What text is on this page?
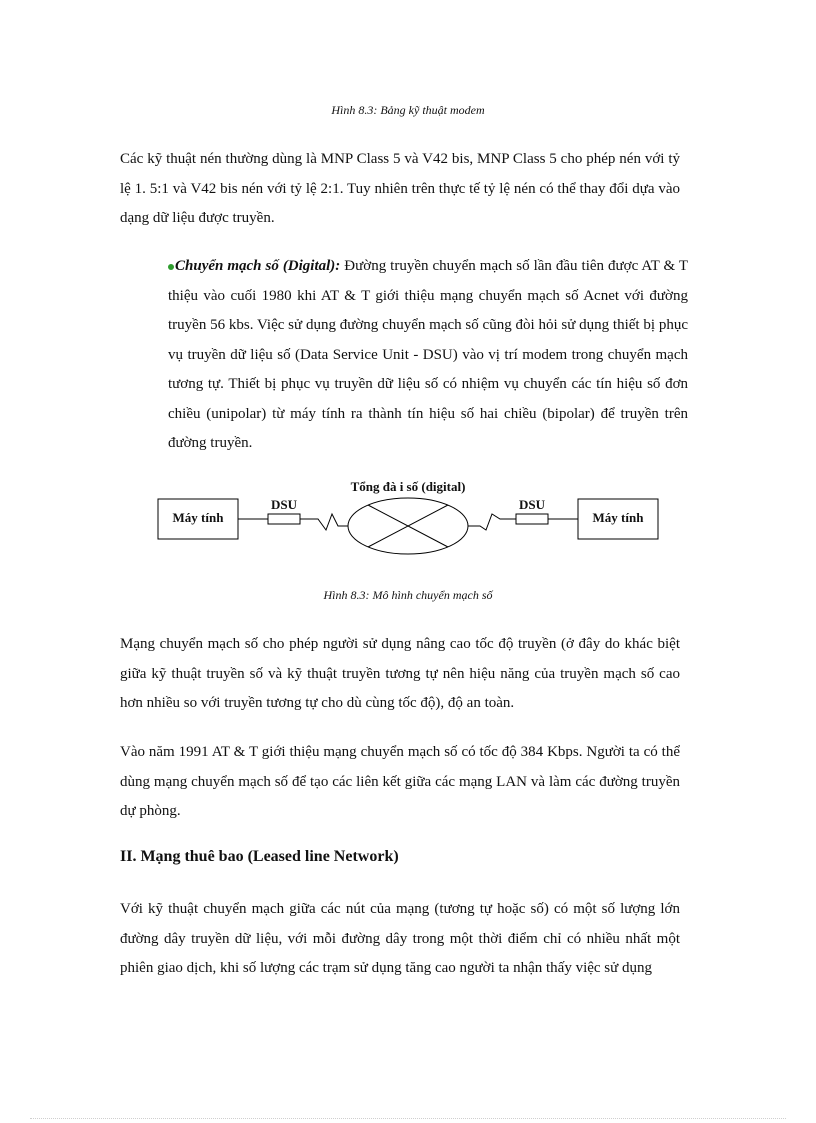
Hình 8.3: Bảng kỹ thuật modem

Các kỹ thuật nén thường dùng là MNP Class 5 và V42 bis, MNP Class 5 cho phép nén với tỷ lệ 1. 5:1 và V42 bis nén với tỷ lệ 2:1. Tuy nhiên trên thực tế tỷ lệ nén có thể thay đổi dựa vào dạng dữ liệu được truyền.

Chuyển mạch số (Digital): Đường truyền chuyển mạch số lần đầu tiên được AT & T thiệu vào cuối 1980 khi AT & T giới thiệu mạng chuyển mạch số Acnet với đường truyền 56 kbs. Việc sử dụng đường chuyển mạch số cũng đòi hỏi sử dụng thiết bị phục vụ truyền dữ liệu số (Data Service Unit - DSU) vào vị trí modem trong chuyển mạch tương tự. Thiết bị phục vụ truyền dữ liệu số có nhiệm vụ chuyển các tín hiệu số đơn chiều (unipolar) từ máy tính ra thành tín hiệu số hai chiều (bipolar) để truyền trên đường truyền.

Tổng đà i số (digital)
Máy tính	Máy tính
DSU	DSU
Hình 8.3: Mô hình chuyển mạch số

Mạng chuyển mạch số cho phép người sử dụng nâng cao tốc độ truyền (ở đây do khác biệt giữa kỹ thuật truyền số và kỹ thuật truyền tương tự nên hiệu năng của truyền mạch số cao hơn nhiều so với truyền tương tự cho dù cùng tốc độ), độ an toàn.

Vào năm 1991 AT & T giới thiệu mạng chuyển mạch số có tốc độ 384 Kbps. Người ta có thể dùng mạng chuyển mạch số để tạo các liên kết giữa các mạng LAN và làm các đường truyền dự phòng.

II. Mạng thuê bao (Leased line Network)

Với kỹ thuật chuyển mạch giữa các nút của mạng (tương tự hoặc số) có một số lượng lớn đường dây truyền dữ liệu, với mỗi đường dây trong một thời điểm chỉ có nhiều nhất một phiên giao dịch, khi số lượng các trạm sử dụng tăng cao người ta nhận thấy việc sử dụng
